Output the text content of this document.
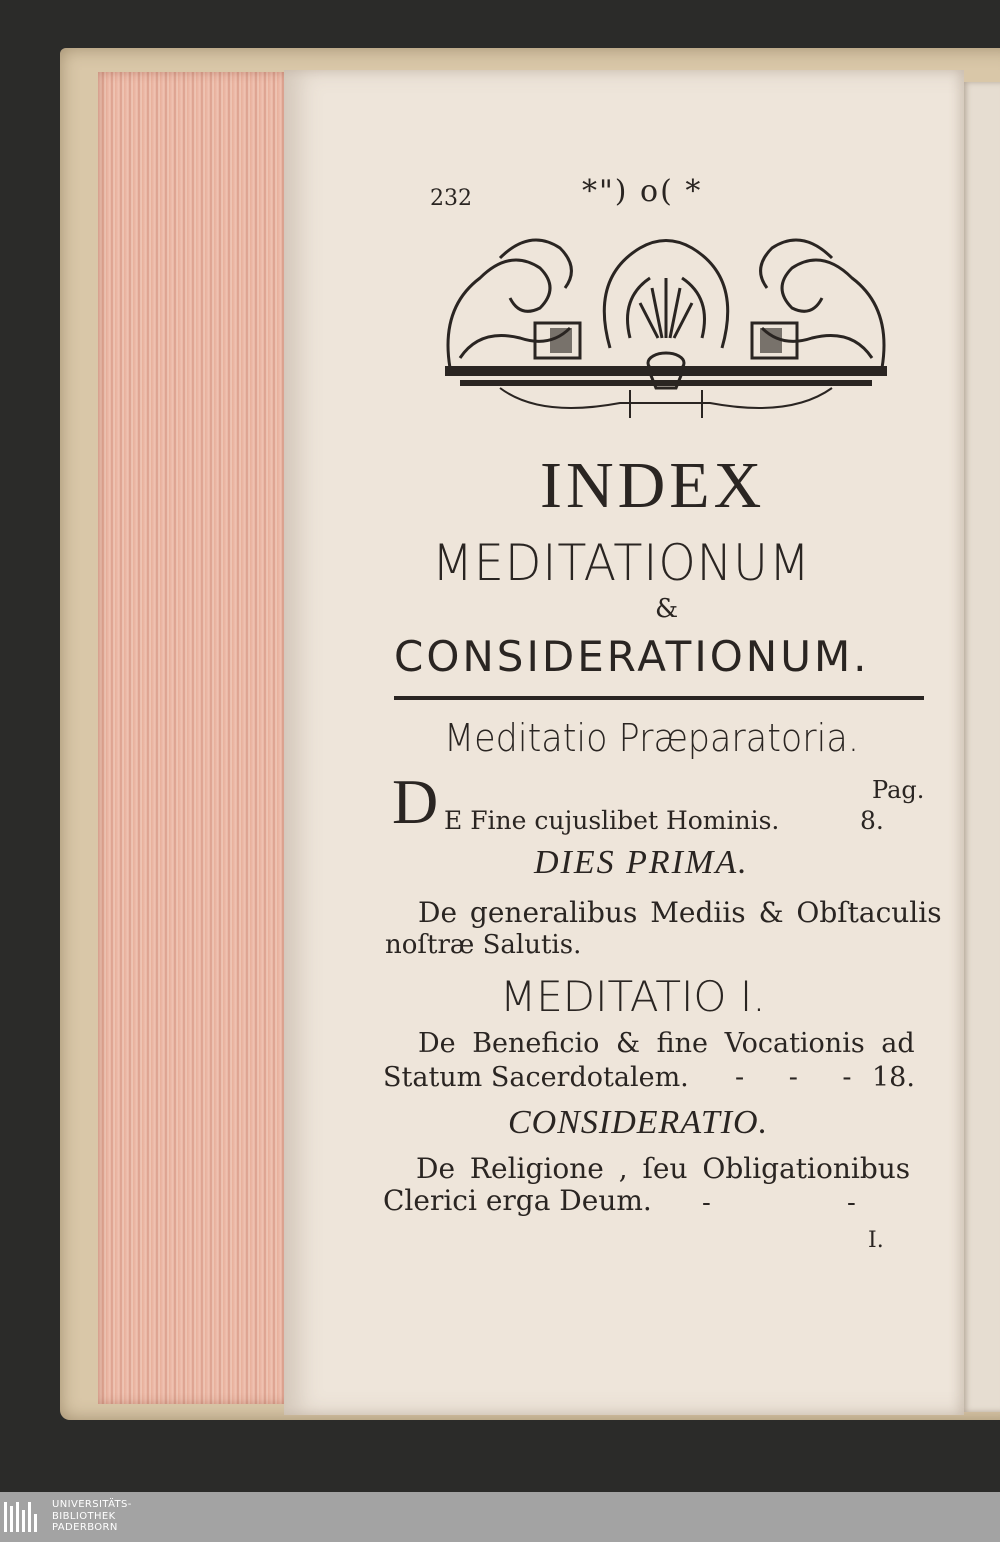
232	*") o( *
INDEX
MEDITATIONUM
&
CONSIDERATIONUM.
Meditatio Præparatoria.
Pag.
D E Fine cujuslibet Hominis.	8.
DIES PRIMA.
De generalibus Mediis & Obſtaculis
noſtræ Salutis.
MEDITATIO I.
De Beneficio & fine Vocationis ad
Statum Sacerdotalem. - - - 18.
CONSIDERATIO.
De Religione , ſeu Obligationibus
Clerici erga Deum. - -
I.
UNIVERSITÄTS-
BIBLIOTHEK
PADERBORN
